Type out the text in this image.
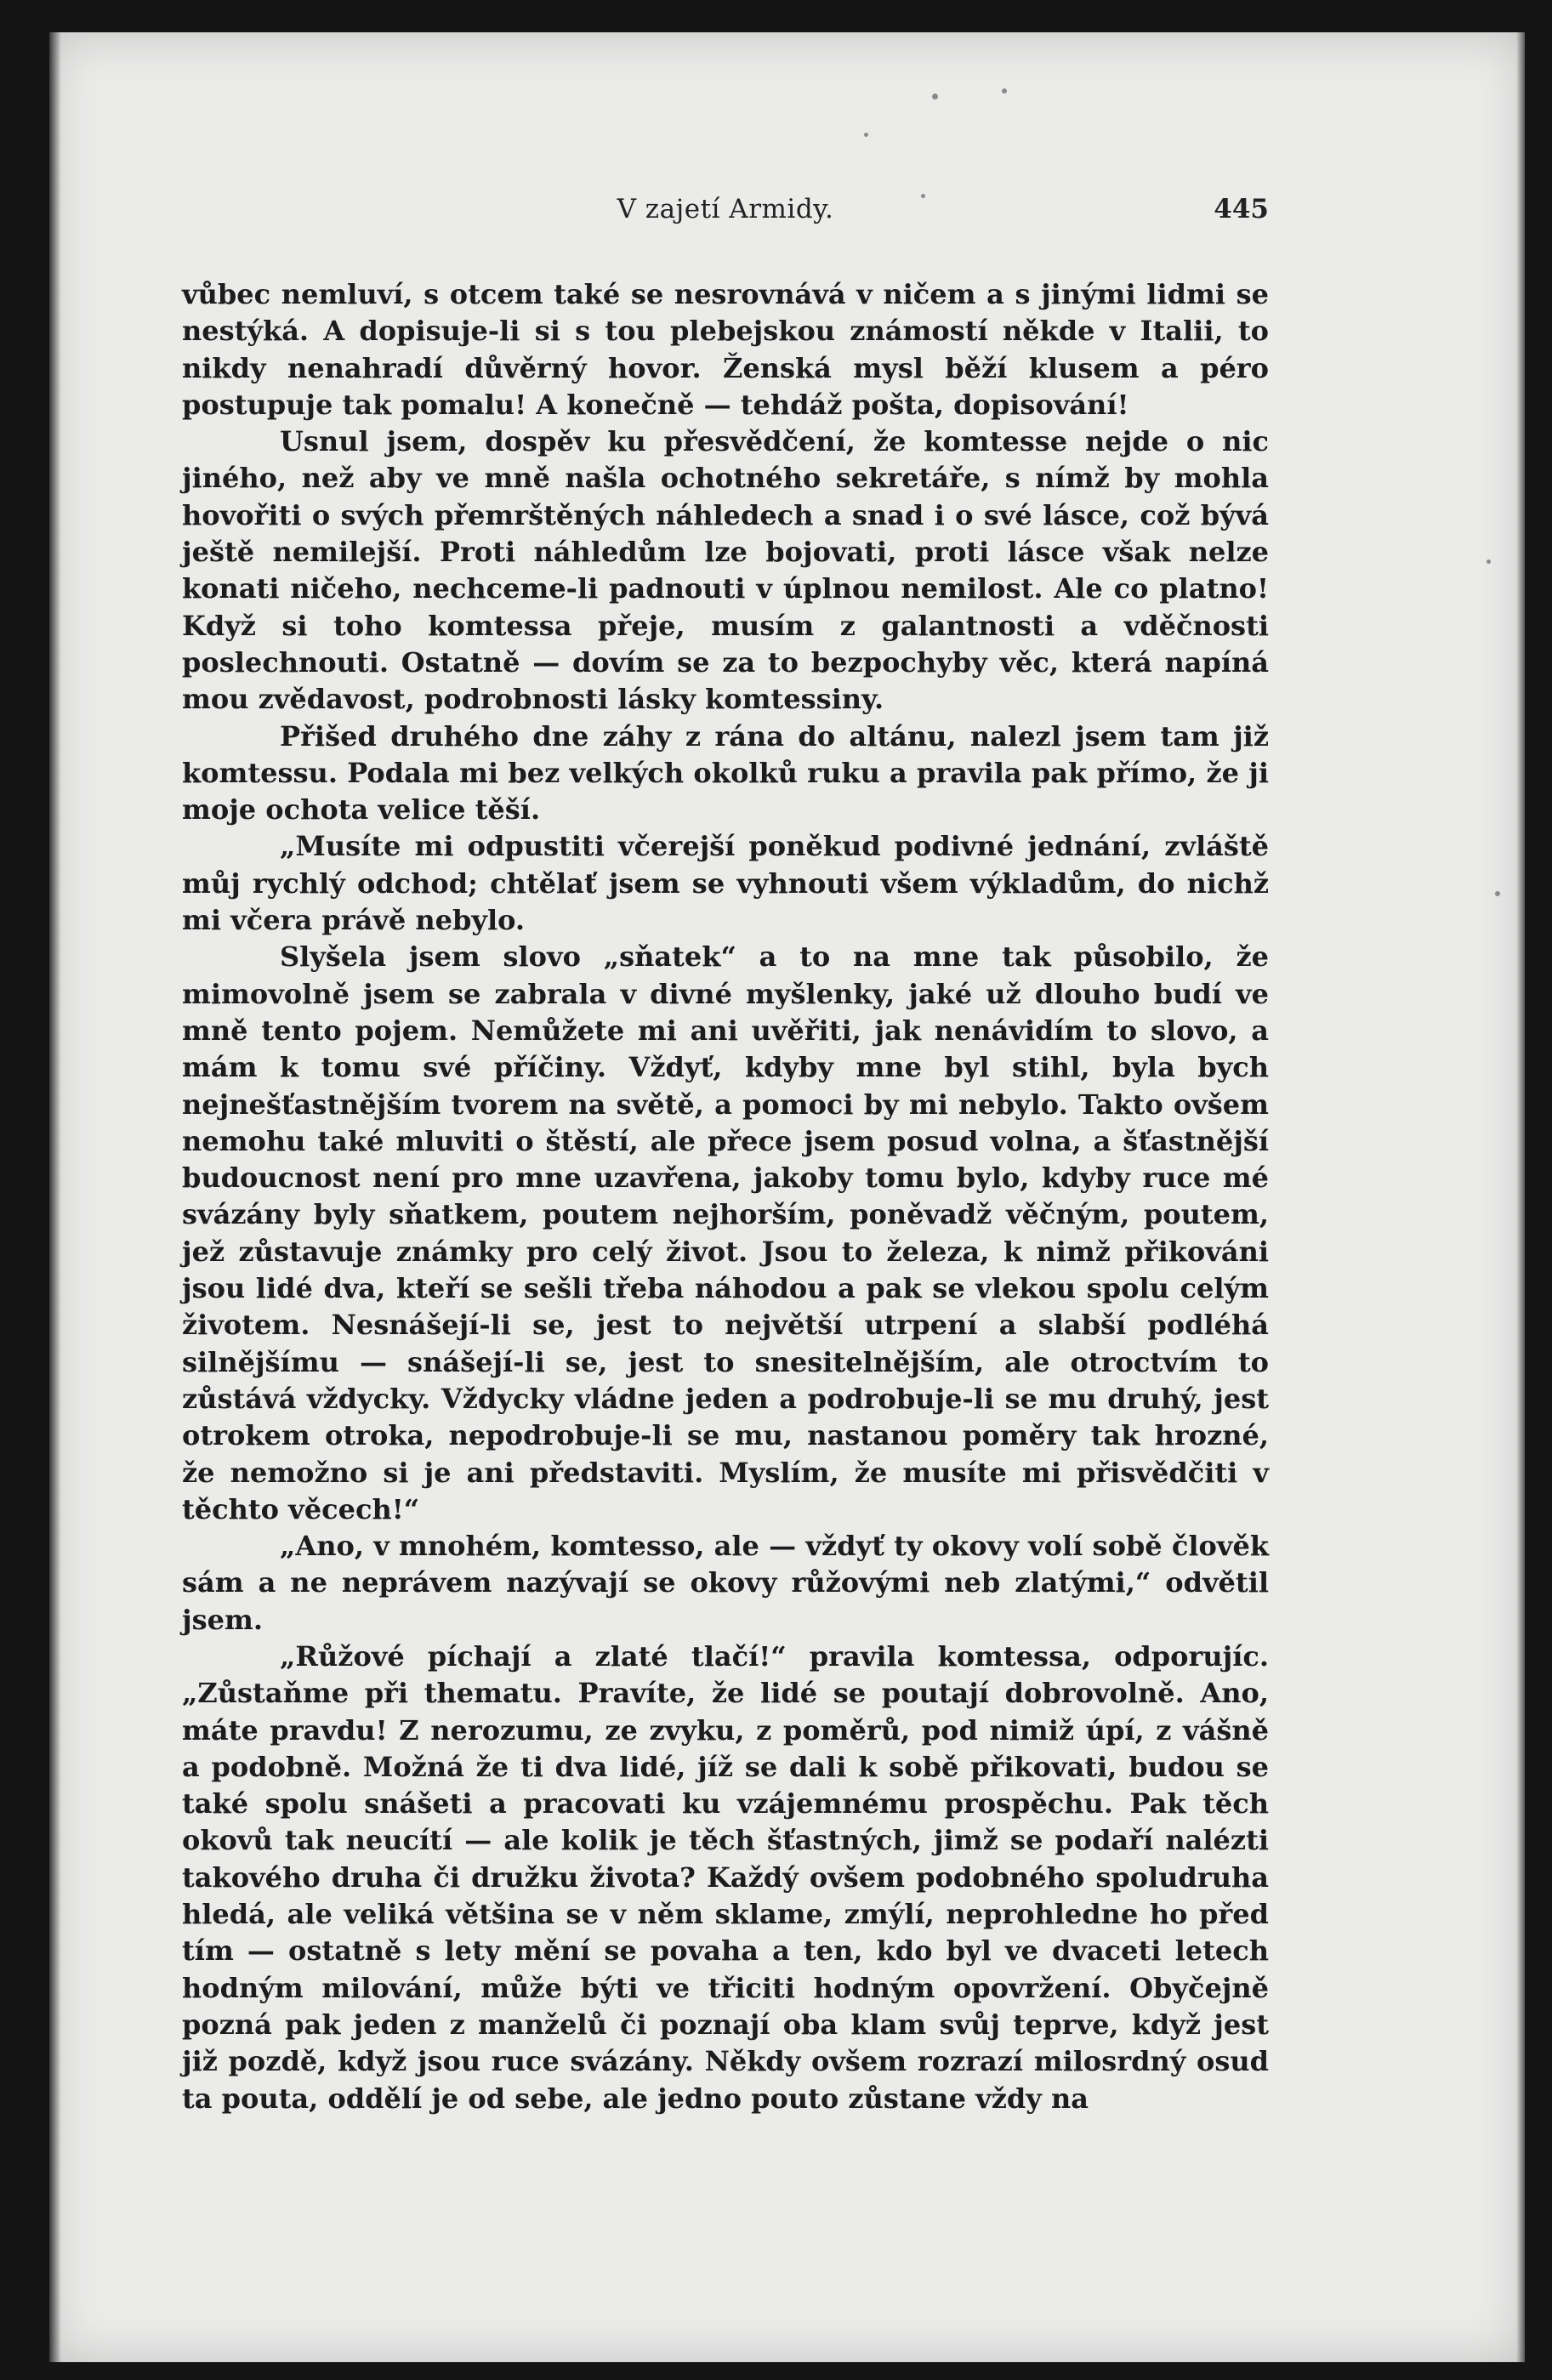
V zajetí Armidy.	445

vůbec nemluví, s otcem také se nesrovnává v ničem a s jinými lidmi se nestýká. A dopisuje-li si s tou plebejskou známostí někde v Italii, to nikdy nenahradí důvěrný hovor. Ženská mysl běží klusem a péro postupuje tak pomalu! A konečně — tehdáž pošta, dopisování!

Usnul jsem, dospěv ku přesvědčení, že komtesse nejde o nic jiného, než aby ve mně našla ochotného sekretáře, s nímž by mohla hovořiti o svých přemrštěných náhledech a snad i o své lásce, což bývá ještě nemilejší. Proti náhledům lze bojovati, proti lásce však nelze konati ničeho, nechceme-li padnouti v úplnou nemilost. Ale co platno! Když si toho komtessa přeje, musím z galantnosti a vděčnosti poslechnouti. Ostatně — dovím se za to bezpochyby věc, která napíná mou zvědavost, podrobnosti lásky komtessiny.

Přišed druhého dne záhy z rána do altánu, nalezl jsem tam již komtessu. Podala mi bez velkých okolků ruku a pravila pak přímo, že ji moje ochota velice těší.

„Musíte mi odpustiti včerejší poněkud podivné jednání, zvláště můj rychlý odchod; chtělať jsem se vyhnouti všem výkladům, do nichž mi včera právě nebylo.

Slyšela jsem slovo „sňatek“ a to na mne tak působilo, že mimovolně jsem se zabrala v divné myšlenky, jaké už dlouho budí ve mně tento pojem. Nemůžete mi ani uvěřiti, jak nenávidím to slovo, a mám k tomu své příčiny. Vždyť, kdyby mne byl stihl, byla bych nejnešťastnějším tvorem na světě, a pomoci by mi nebylo. Takto ovšem nemohu také mluviti o štěstí, ale přece jsem posud volna, a šťastnější budoucnost není pro mne uzavřena, jakoby tomu bylo, kdyby ruce mé svázány byly sňatkem, poutem nejhorším, poněvadž věčným, poutem, jež zůstavuje známky pro celý život. Jsou to železa, k nimž přikováni jsou lidé dva, kteří se sešli třeba náhodou a pak se vlekou spolu celým životem. Nesnášejí-li se, jest to největší utrpení a slabší podléhá silnějšímu — snášejí-li se, jest to snesitelnějším, ale otroctvím to zůstává vždycky. Vždycky vládne jeden a podrobuje-li se mu druhý, jest otrokem otroka, nepodrobuje-li se mu, nastanou poměry tak hrozné, že nemožno si je ani představiti. Myslím, že musíte mi přisvědčiti v těchto věcech!“

„Ano, v mnohém, komtesso, ale — vždyť ty okovy volí sobě člověk sám a ne neprávem nazývají se okovy růžovými neb zlatými,“ odvětil jsem.

„Růžové píchají a zlaté tlačí!“ pravila komtessa, odporujíc. „Zůstaňme při thematu. Pravíte, že lidé se poutají dobrovolně. Ano, máte pravdu! Z nerozumu, ze zvyku, z poměrů, pod nimiž úpí, z vášně a podobně. Možná že ti dva lidé, jíž se dali k sobě přikovati, budou se také spolu snášeti a pracovati ku vzájemnému prospěchu. Pak těch okovů tak neucítí — ale kolik je těch šťastných, jimž se podaří nalézti takového druha či družku života? Každý ovšem podobného spoludruha hledá, ale veliká většina se v něm sklame, zmýlí, neprohledne ho před tím — ostatně s lety mění se povaha a ten, kdo byl ve dvaceti letech hodným milování, může býti ve třiciti hodným opovržení. Obyčejně pozná pak jeden z manželů či poznají oba klam svůj teprve, když jest již pozdě, když jsou ruce svázány. Někdy ovšem rozrazí milosrdný osud ta pouta, oddělí je od sebe, ale jedno pouto zůstane vždy na
